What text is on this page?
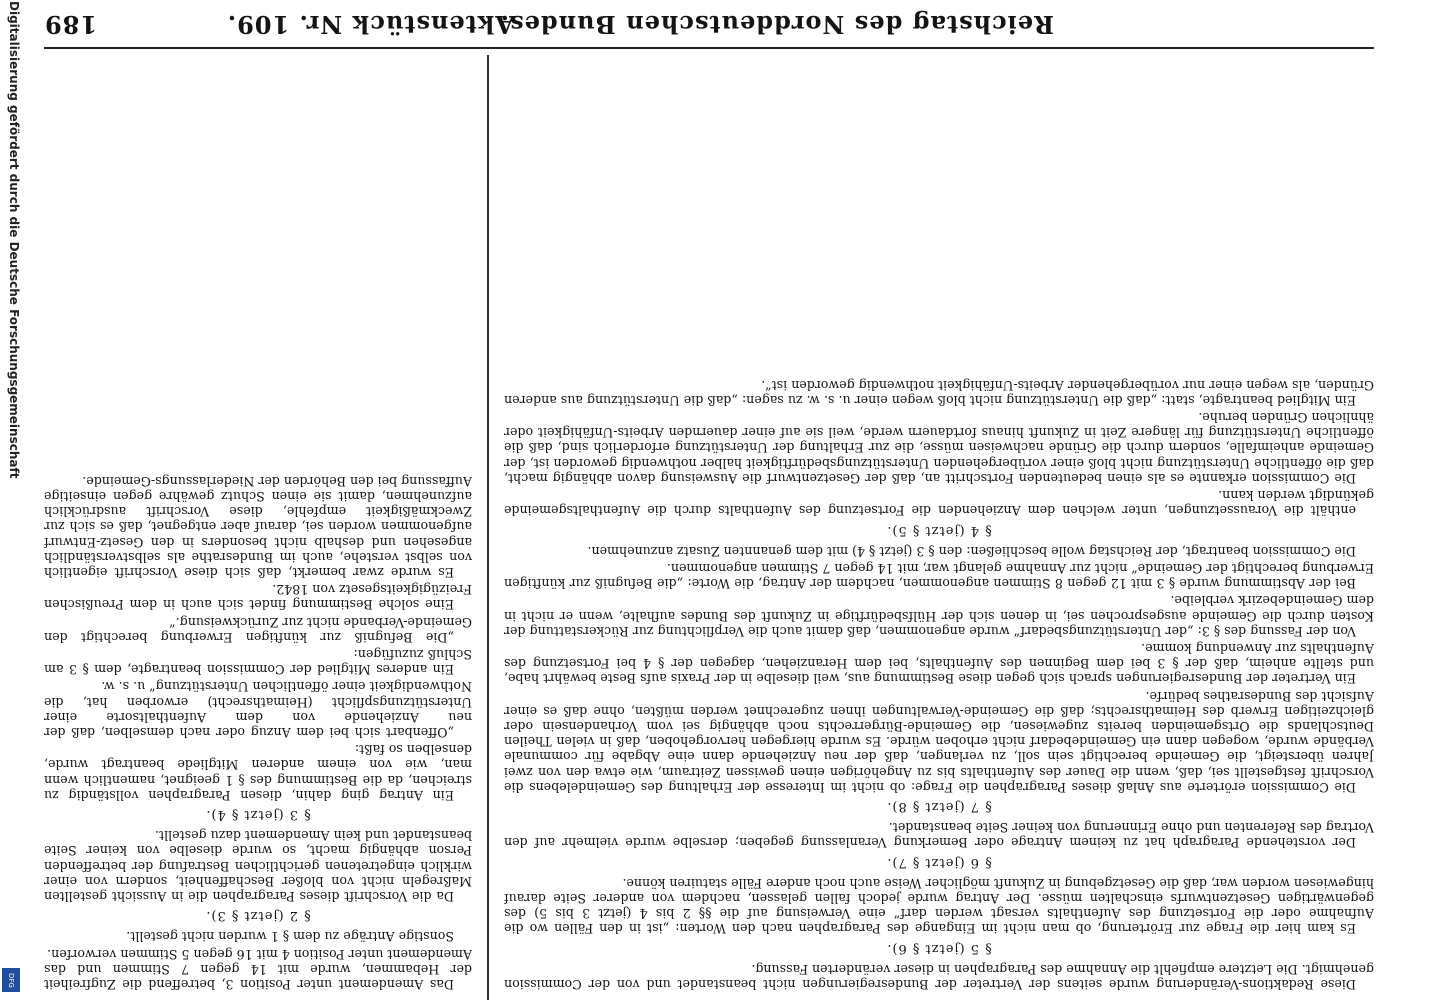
Reichstag des Norddeutschen Bundes.
Aktenstück Nr. 109.
189

Diese Redaktions-Veränderung wurde seitens der Vertreter der Bundesregierungen nicht beanstandet und von der Commission genehmigt. Die Letztere empfiehlt die Annahme des Paragraphen in dieser veränderten Fassung.

§ 5 (jetzt § 6).

Es kam hier die Frage zur Erörterung, ob man nicht im Eingange des Paragraphen nach den Worten: „ist in den Fällen wo die Aufnahme oder die Fortsetzung des Aufenthalts versagt werden darf“ eine Verweisung auf die §§ 2 bis 4 (jetzt 3 bis 5) des gegenwärtigen Gesetzentwurfs einschalten müsse. Der Antrag wurde jedoch fallen gelassen, nachdem von anderer Seite darauf hingewiesen worden war, daß die Gesetzgebung in Zukunft möglicher Weise auch noch andere Fälle statuiren könne.

§ 6 (jetzt § 7).

Der vorstehende Paragraph hat zu keinem Antrage oder Bemerkung Veranlassung gegeben; derselbe wurde vielmehr auf den Vortrag des Referenten und ohne Erinnerung von keiner Seite beanstandet.

§ 7 (jetzt § 8).

Die Commission erörterte aus Anlaß dieses Paragraphen die Frage: ob nicht im Interesse der Erhaltung des Gemeindelebens die Vorschrift festgestellt sei, daß, wenn die Dauer des Aufenthalts bis zu Angehörigen einen gewissen Zeitraum, wie etwa den von zwei Jahren übersteigt, die Gemeinde berechtigt sein soll, zu verlangen, daß der neu Anziehende dann eine Abgabe für communale Verbände wurde, wogegen dann ein Gemeindebedarf nicht erhoben würde. Es wurde hiergegen hervorgehoben, daß in vielen Theilen Deutschlands die Ortsgemeinden bereits zugewiesen, die Gemeinde-Bürgerrechts noch abhängig sei vom Vorhandensein oder gleichzeitigen Erwerb des Heimathsrechts; daß die Gemeinde-Verwaltungen ihnen zugerechnet werden müßten, ohne daß es einer Aufsicht des Bundesrathes bedürfe.

Ein Vertreter der Bundesregierungen sprach sich gegen diese Bestimmung aus, weil dieselbe in der Praxis aufs Beste bewährt habe, und stellte anheim, daß der § 3 bei dem Beginnen des Aufenthalts, bei dem Heranziehen, dagegen der § 4 bei Fortsetzung des Aufenthalts zur Anwendung komme.

Von der Fassung des § 3: „der Unterstützungsbedarf“ wurde angenommen, daß damit auch die Verpflichtung zur Rückerstattung der Kosten durch die Gemeinde ausgesprochen sei, in denen sich der Hülfsbedürftige in Zukunft des Bundes aufhalte, wenn er nicht in dem Gemeindebezirk verbleibe.

Bei der Abstimmung wurde § 3 mit 12 gegen 8 Stimmen angenommen, nachdem der Antrag, die Worte: „die Befugniß zur künftigen Erwerbung berechtigt der Gemeinde“ nicht zur Annahme gelangt war, mit 14 gegen 7 Stimmen angenommen.

Die Commission beantragt, der Reichstag wolle beschließen: den § 3 (jetzt § 4) mit dem genannten Zusatz anzunehmen.

§ 4 (jetzt § 5).

enthält die Voraussetzungen, unter welchen dem Anziehenden die Fortsetzung des Aufenthalts durch die Aufenthaltsgemeinde gekündigt werden kann.

Die Commission erkannte es als einen bedeutenden Fortschritt an, daß der Gesetzentwurf die Ausweisung davon abhängig macht, daß die öffentliche Unterstützung nicht bloß einer vorübergehenden Unterstützungsbedürftigkeit halber nothwendig geworden ist, der Gemeinde anheimfalle, sondern durch die Gründe nachweisen müsse, die zur Erhaltung der Unterstützung erforderlich sind, daß die öffentliche Unterstützung für längere Zeit in Zukunft hinaus fortdauern werde, weil sie auf einer dauernden Arbeits-Unfähigkeit oder ähnlichen Gründen beruhe.

Ein Mitglied beantragte, statt: „daß die Unterstützung nicht bloß wegen einer u. s. w. zu sagen: „daß die Unterstützung aus anderen Gründen, als wegen einer nur vorübergehender Arbeits-Unfähigkeit nothwendig geworden ist“.

Das Amendement unter Position 3, betreffend die Zugfreiheit der Hebammen, wurde mit 14 gegen 7 Stimmen und das Amendement unter Position 4 mit 16 gegen 5 Stimmen verworfen.

Sonstige Anträge zu dem § 1 wurden nicht gestellt.

§ 2 (jetzt § 3).

Da die Vorschrift dieses Paragraphen die in Aussicht gestellten Maßregeln nicht von bloßer Beschaffenheit, sondern von einer wirklich eingetretenen gerichtlichen Bestrafung der betreffenden Person abhängig macht, so wurde dieselbe von keiner Seite beanstandet und kein Amendement dazu gestellt.

§ 3 (jetzt § 4).

Ein Antrag ging dahin, diesen Paragraphen vollständig zu streichen, da die Bestimmung des § 1 geeignet, namentlich wenn man, wie von einem anderen Mitgliede beantragt wurde, denselben so faßt:

„Offenbart sich bei dem Anzug oder nach demselben, daß der neu Anziehende von dem Aufenthaltsorte einer Unterstützungspflicht (Heimathsrecht) erworben hat, die Nothwendigkeit einer öffentlichen Unterstützung“ u. s. w.

Ein anderes Mitglied der Commission beantragte, dem § 3 am Schluß zuzufügen:

„Die Befugniß zur künftigen Erwerbung berechtigt den Gemeinde-Verbande nicht zur Zurückweisung.“

Eine solche Bestimmung findet sich auch in dem Preußischen Freizügigkeitsgesetz von 1842.

Es wurde zwar bemerkt, daß sich diese Vorschrift eigentlich von selbst verstehe, auch im Bundesrathe als selbstverständlich angesehen und deshalb nicht besonders in den Gesetz-Entwurf aufgenommen worden sei, darauf aber entgegnet, daß es sich zur Zweckmäßigkeit empfehle, diese Vorschrift ausdrücklich aufzunehmen, damit sie einen Schutz gewähre gegen einseitige Auffassung bei den Behörden der Niederlassungs-Gemeinde.

Digitalisierung gefördert durch die Deutsche Forschungsgemeinschaft
DFG
